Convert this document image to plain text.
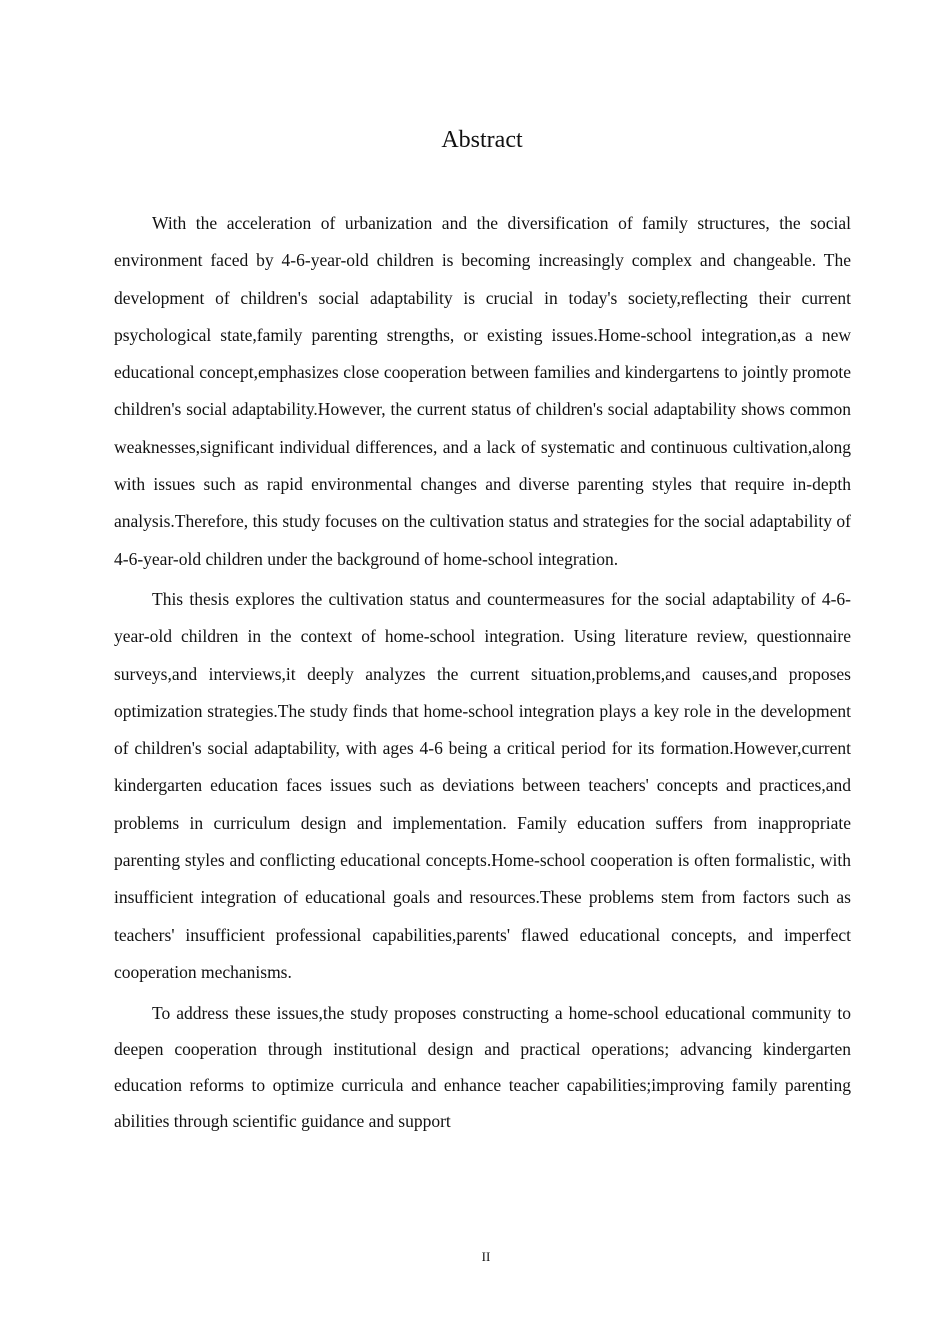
Abstract

With the acceleration of urbanization and the diversification of family structures, the social environment faced by 4-6-year-old children is becoming increasingly complex and changeable. The development of children's social adaptability is crucial in today's society,reflecting their current psychological state,family parenting strengths, or existing issues.Home-school integration,as a new educational concept,emphasizes close cooperation between families and kindergartens to jointly promote children's social adaptability.However, the current status of children's social adaptability shows common weaknesses,significant individual differences, and a lack of systematic and continuous cultivation,along with issues such as rapid environmental changes and diverse parenting styles that require in-depth analysis.Therefore, this study focuses on the cultivation status and strategies for the social adaptability of 4-6-year-old children under the background of home-school integration.

This thesis explores the cultivation status and countermeasures for the social adaptability of 4-6-year-old children in the context of home-school integration. Using literature review, questionnaire surveys,and interviews,it deeply analyzes the current situation,problems,and causes,and proposes optimization strategies.The study finds that home-school integration plays a key role in the development of children's social adaptability, with ages 4-6 being a critical period for its formation.However,current kindergarten education faces issues such as deviations between teachers' concepts and practices,and problems in curriculum design and implementation. Family education suffers from inappropriate parenting styles and conflicting educational concepts.Home-school cooperation is often formalistic, with insufficient integration of educational goals and resources.These problems stem from factors such as teachers' insufficient professional capabilities,parents' flawed educational concepts, and imperfect cooperation mechanisms.

To address these issues,the study proposes constructing a home-school educational community to deepen cooperation through institutional design and practical operations; advancing kindergarten education reforms to optimize curricula and enhance teacher capabilities;improving family parenting abilities through scientific guidance and support

II
